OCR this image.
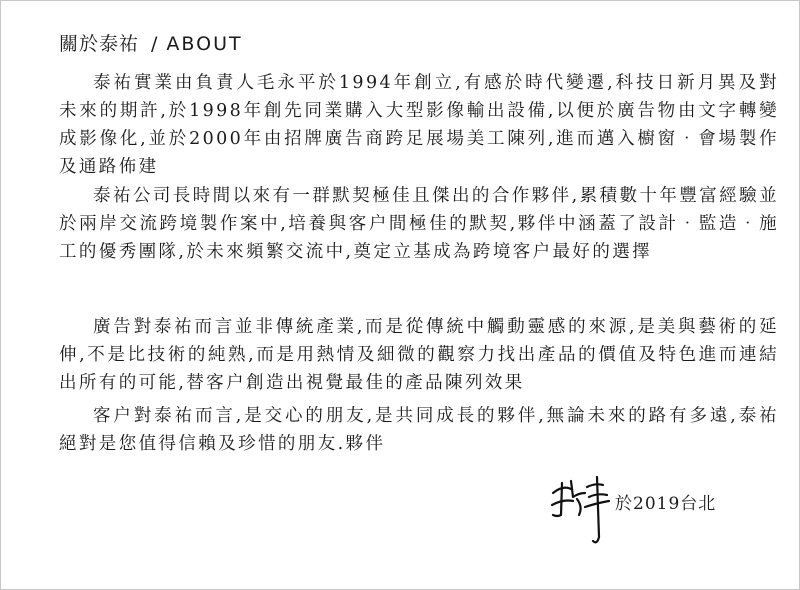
關於泰祐 / ABOUT

泰祐實業由負責人毛永平於1994年創立,有感於時代變遷,科技日新月異及對未來的期許,於1998年創先同業購入大型影像輸出設備,以便於廣告物由文字轉變成影像化,並於2000年由招牌廣告商跨足展場美工陳列,進而邁入櫥窗‧會場製作及通路佈建

泰祐公司長時間以來有一群默契極佳且傑出的合作夥伴,累積數十年豐富經驗並於兩岸交流跨境製作案中,培養與客户間極佳的默契,夥伴中涵蓋了設計‧監造‧施工的優秀團隊,於未來頻繁交流中,奠定立基成為跨境客户最好的選擇

廣告對泰祐而言並非傳統產業,而是從傳統中觸動靈感的來源,是美與藝術的延伸,不是比技術的純熟,而是用熱情及細微的觀察力找出產品的價值及特色進而連結出所有的可能,替客户創造出視覺最佳的產品陳列效果

客户對泰祐而言,是交心的朋友,是共同成長的夥伴,無論未來的路有多遠,泰祐絕對是您值得信賴及珍惜的朋友.夥伴

於2019台北
